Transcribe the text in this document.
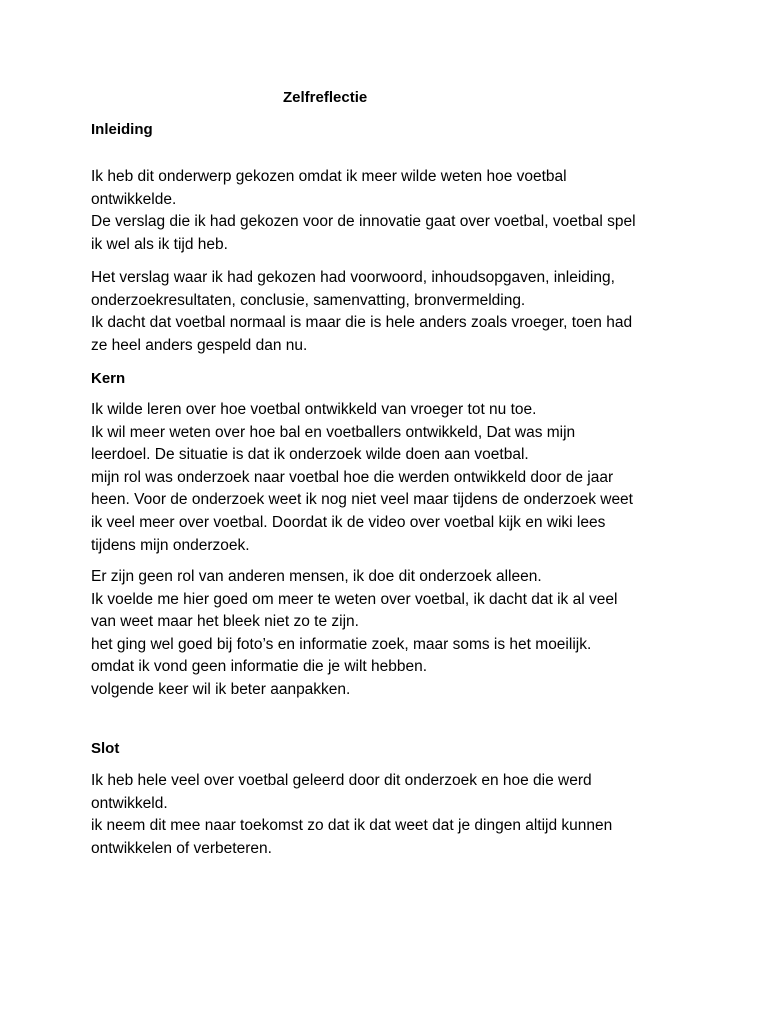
Zelfreflectie
Inleiding
Ik heb dit onderwerp gekozen omdat ik meer wilde weten hoe voetbal
ontwikkelde.
De verslag die ik had gekozen voor de innovatie gaat over voetbal, voetbal spel
ik wel als ik tijd heb.
Het verslag waar ik had gekozen had voorwoord, inhoudsopgaven, inleiding,
onderzoekresultaten, conclusie, samenvatting, bronvermelding.
Ik dacht dat voetbal normaal is maar die is hele anders zoals vroeger, toen had
ze heel anders gespeld dan nu.
Kern
Ik wilde leren over hoe voetbal ontwikkeld van vroeger tot nu toe.
Ik wil meer weten over hoe bal en voetballers ontwikkeld, Dat was mijn
leerdoel. De situatie is dat ik onderzoek wilde doen aan voetbal.
mijn rol was onderzoek naar voetbal hoe die werden ontwikkeld door de jaar
heen. Voor de onderzoek weet ik nog niet veel maar tijdens de onderzoek weet
ik veel meer over voetbal. Doordat ik de video over voetbal kijk en wiki lees
tijdens mijn onderzoek.
Er zijn geen rol van anderen mensen, ik doe dit onderzoek alleen.
Ik voelde me hier goed om meer te weten over voetbal, ik dacht dat ik al veel
van weet maar het bleek niet zo te zijn.
het ging wel goed bij foto’s en informatie zoek, maar soms is het moeilijk.
omdat ik vond geen informatie die je wilt hebben.
volgende keer wil ik beter aanpakken.
Slot
Ik heb hele veel over voetbal geleerd door dit onderzoek en hoe die werd
ontwikkeld.
ik neem dit mee naar toekomst zo dat ik dat weet dat je dingen altijd kunnen
ontwikkelen of verbeteren.
